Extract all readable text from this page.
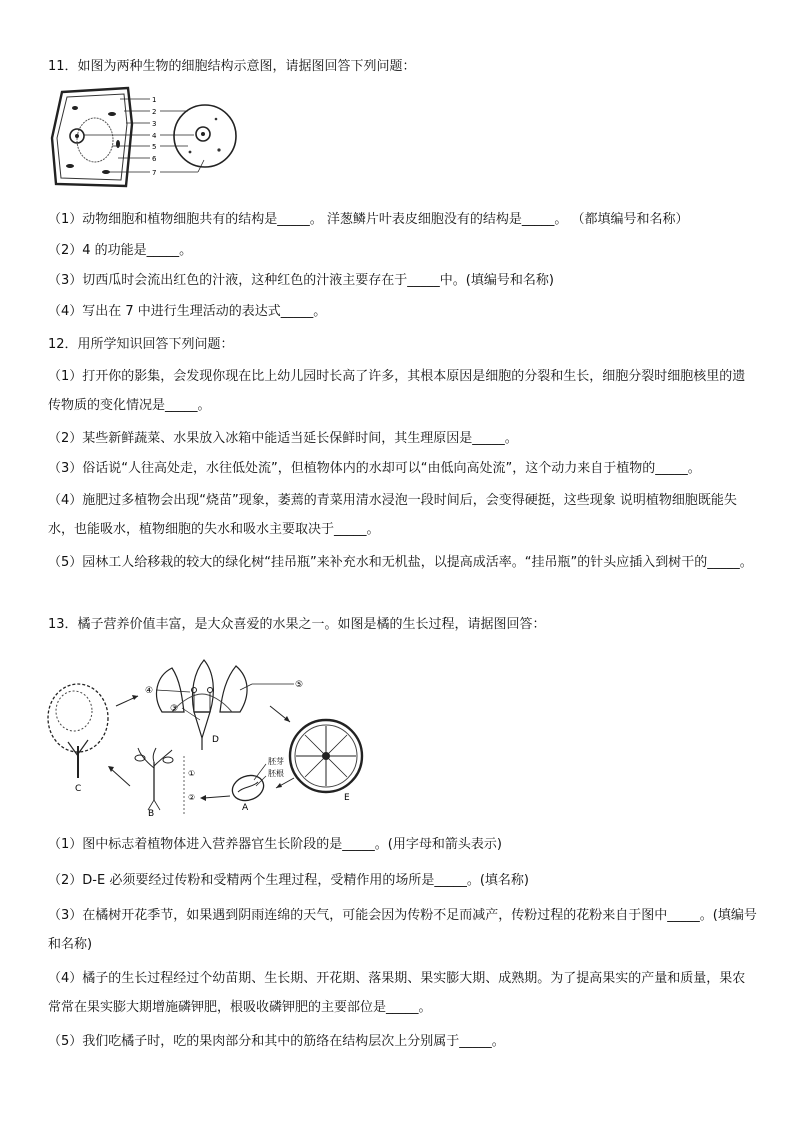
11．如图为两种生物的细胞结构示意图，请据图回答下列问题：
1
2
3
4
5
6
7
（1）动物细胞和植物细胞共有的结构是_____。 洋葱鳞片叶表皮细胞没有的结构是_____。 （都填编号和名称）
（2）4 的功能是_____。
（3）切西瓜时会流出红色的汁液，这种红色的汁液主要存在于_____中。(填编号和名称)
（4）写出在 7 中进行生理活动的表达式_____。
12．用所学知识回答下列问题：
（1）打开你的影集，会发现你现在比上幼儿园时长高了许多，其根本原因是细胞的分裂和生长，细胞分裂时细胞核里的遗传物质的变化情况是_____。
（2）某些新鲜蔬菜、水果放入冰箱中能适当延长保鲜时间，其生理原因是_____。
（3）俗话说“人往高处走，水往低处流”，但植物体内的水却可以“由低向高处流”，这个动力来自于植物的_____。
（4）施肥过多植物会出现“烧苗”现象，萎蔫的青菜用清水浸泡一段时间后，会变得硬挺，这些现象 说明植物细胞既能失水，也能吸水，植物细胞的失水和吸水主要取决于_____。
（5）园林工人给移栽的较大的绿化树“挂吊瓶”来补充水和无机盐，以提高成活率。“挂吊瓶”的针头应插入到树干的_____。
13．橘子营养价值丰富，是大众喜爱的水果之一。如图是橘的生长过程，请据图回答：
C
④
③
⑤
D
E
胚芽
胚根
A
①
②
B
（1）图中标志着植物体进入营养器官生长阶段的是_____。(用字母和箭头表示)
（2）D-E 必须要经过传粉和受精两个生理过程，受精作用的场所是_____。(填名称)
（3）在橘树开花季节，如果遇到阴雨连绵的天气，可能会因为传粉不足而减产，传粉过程的花粉来自于图中_____。(填编号 和名称)
（4）橘子的生长过程经过个幼苗期、生长期、开花期、落果期、果实膨大期、成熟期。为了提高果实的产量和质量，果农常常在果实膨大期增施磷钾肥，根吸收磷钾肥的主要部位是_____。
（5）我们吃橘子时，吃的果肉部分和其中的筋络在结构层次上分别属于_____。
